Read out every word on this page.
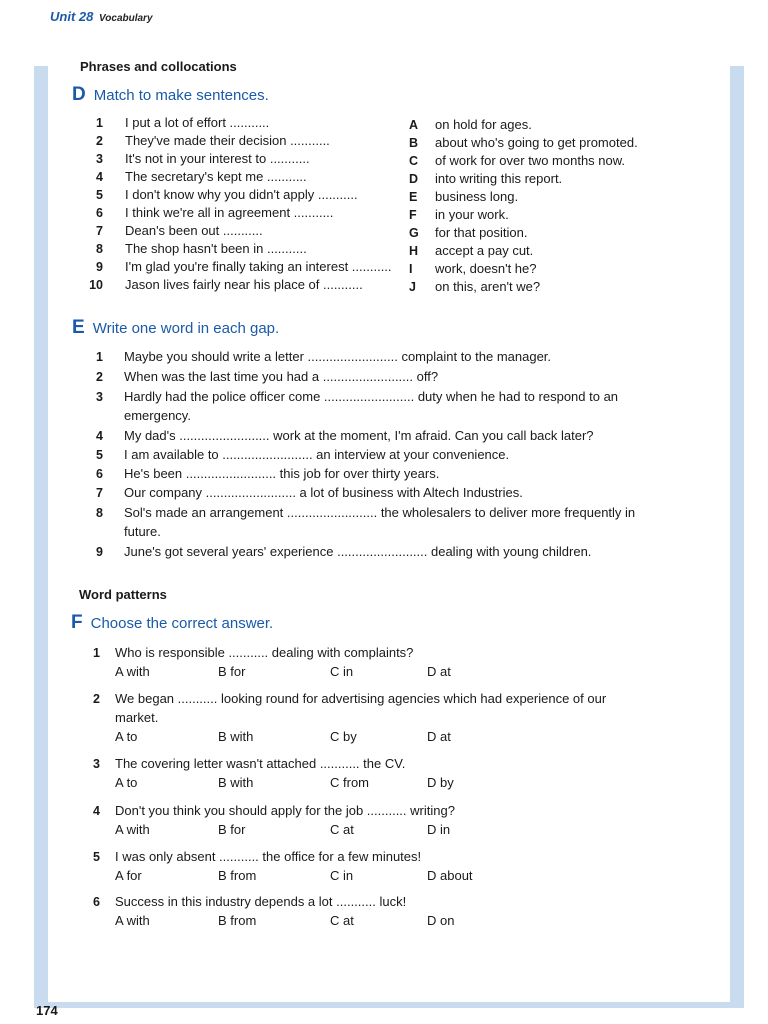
Unit 28 Vocabulary
Phrases and collocations
D Match to make sentences.
1 I put a lot of effort ...........
2 They've made their decision ...........
3 It's not in your interest to ...........
4 The secretary's kept me ...........
5 I don't know why you didn't apply ...........
6 I think we're all in agreement ...........
7 Dean's been out ...........
8 The shop hasn't been in ...........
9 I'm glad you're finally taking an interest ...........
10 Jason lives fairly near his place of ...........
A on hold for ages.
B about who's going to get promoted.
C of work for over two months now.
D into writing this report.
E business long.
F in your work.
G for that position.
H accept a pay cut.
I work, doesn't he?
J on this, aren't we?
E Write one word in each gap.
1 Maybe you should write a letter ......................... complaint to the manager.
2 When was the last time you had a ......................... off?
3 Hardly had the police officer come ......................... duty when he had to respond to an
emergency.
4 My dad's ......................... work at the moment, I'm afraid. Can you call back later?
5 I am available to ......................... an interview at your convenience.
6 He's been ......................... this job for over thirty years.
7 Our company ......................... a lot of business with Altech Industries.
8 Sol's made an arrangement ......................... the wholesalers to deliver more frequently in
future.
9 June's got several years' experience ......................... dealing with young children.
Word patterns
F Choose the correct answer.
1 Who is responsible ........... dealing with complaints?
A with	B for	C in	D at
2 We began ........... looking round for advertising agencies which had experience of our
market.
A to	B with	C by	D at
3 The covering letter wasn't attached ........... the CV.
A to	B with	C from	D by
4 Don't you think you should apply for the job ........... writing?
A with	B for	C at	D in
5 I was only absent ........... the office for a few minutes!
A for	B from	C in	D about
6 Success in this industry depends a lot ........... luck!
A with	B from	C at	D on
174
